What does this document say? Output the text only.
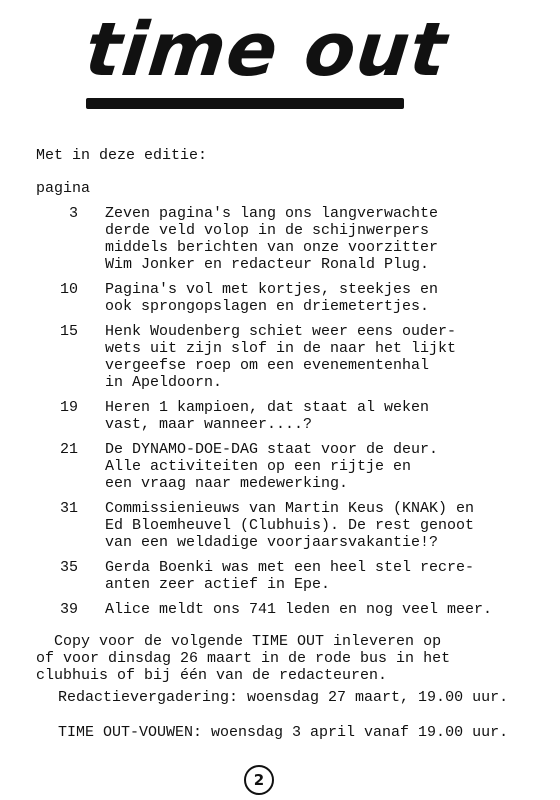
time out
Met in deze editie:
pagina
3	Zeven pagina's lang ons langverwachte
derde veld volop in de schijnwerpers
middels berichten van onze voorzitter
Wim Jonker en redacteur Ronald Plug.
10	Pagina's vol met kortjes, steekjes en
ook sprongopslagen en driemetertjes.
15	Henk Woudenberg schiet weer eens ouder-
wets uit zijn slof in de naar het lijkt
vergeefse roep om een evenementenhal
in Apeldoorn.
19	Heren 1 kampioen, dat staat al weken
vast, maar wanneer....?
21	De DYNAMO-DOE-DAG staat voor de deur.
Alle activiteiten op een rijtje en
een vraag naar medewerking.
31	Commissienieuws van Martin Keus (KNAK) en
Ed Bloemheuvel (Clubhuis). De rest genoot
van een weldadige voorjaarsvakantie!?
35	Gerda Boenki was met een heel stel recre-
anten zeer actief in Epe.
39	Alice meldt ons 741 leden en nog veel meer.
Copy voor de volgende TIME OUT inleveren op
of voor dinsdag 26 maart in de rode bus in het
clubhuis of bij één van de redacteuren.
Redactievergadering: woensdag 27 maart, 19.00 uur.
TIME OUT-VOUWEN: woensdag 3 april vanaf 19.00 uur.
2
